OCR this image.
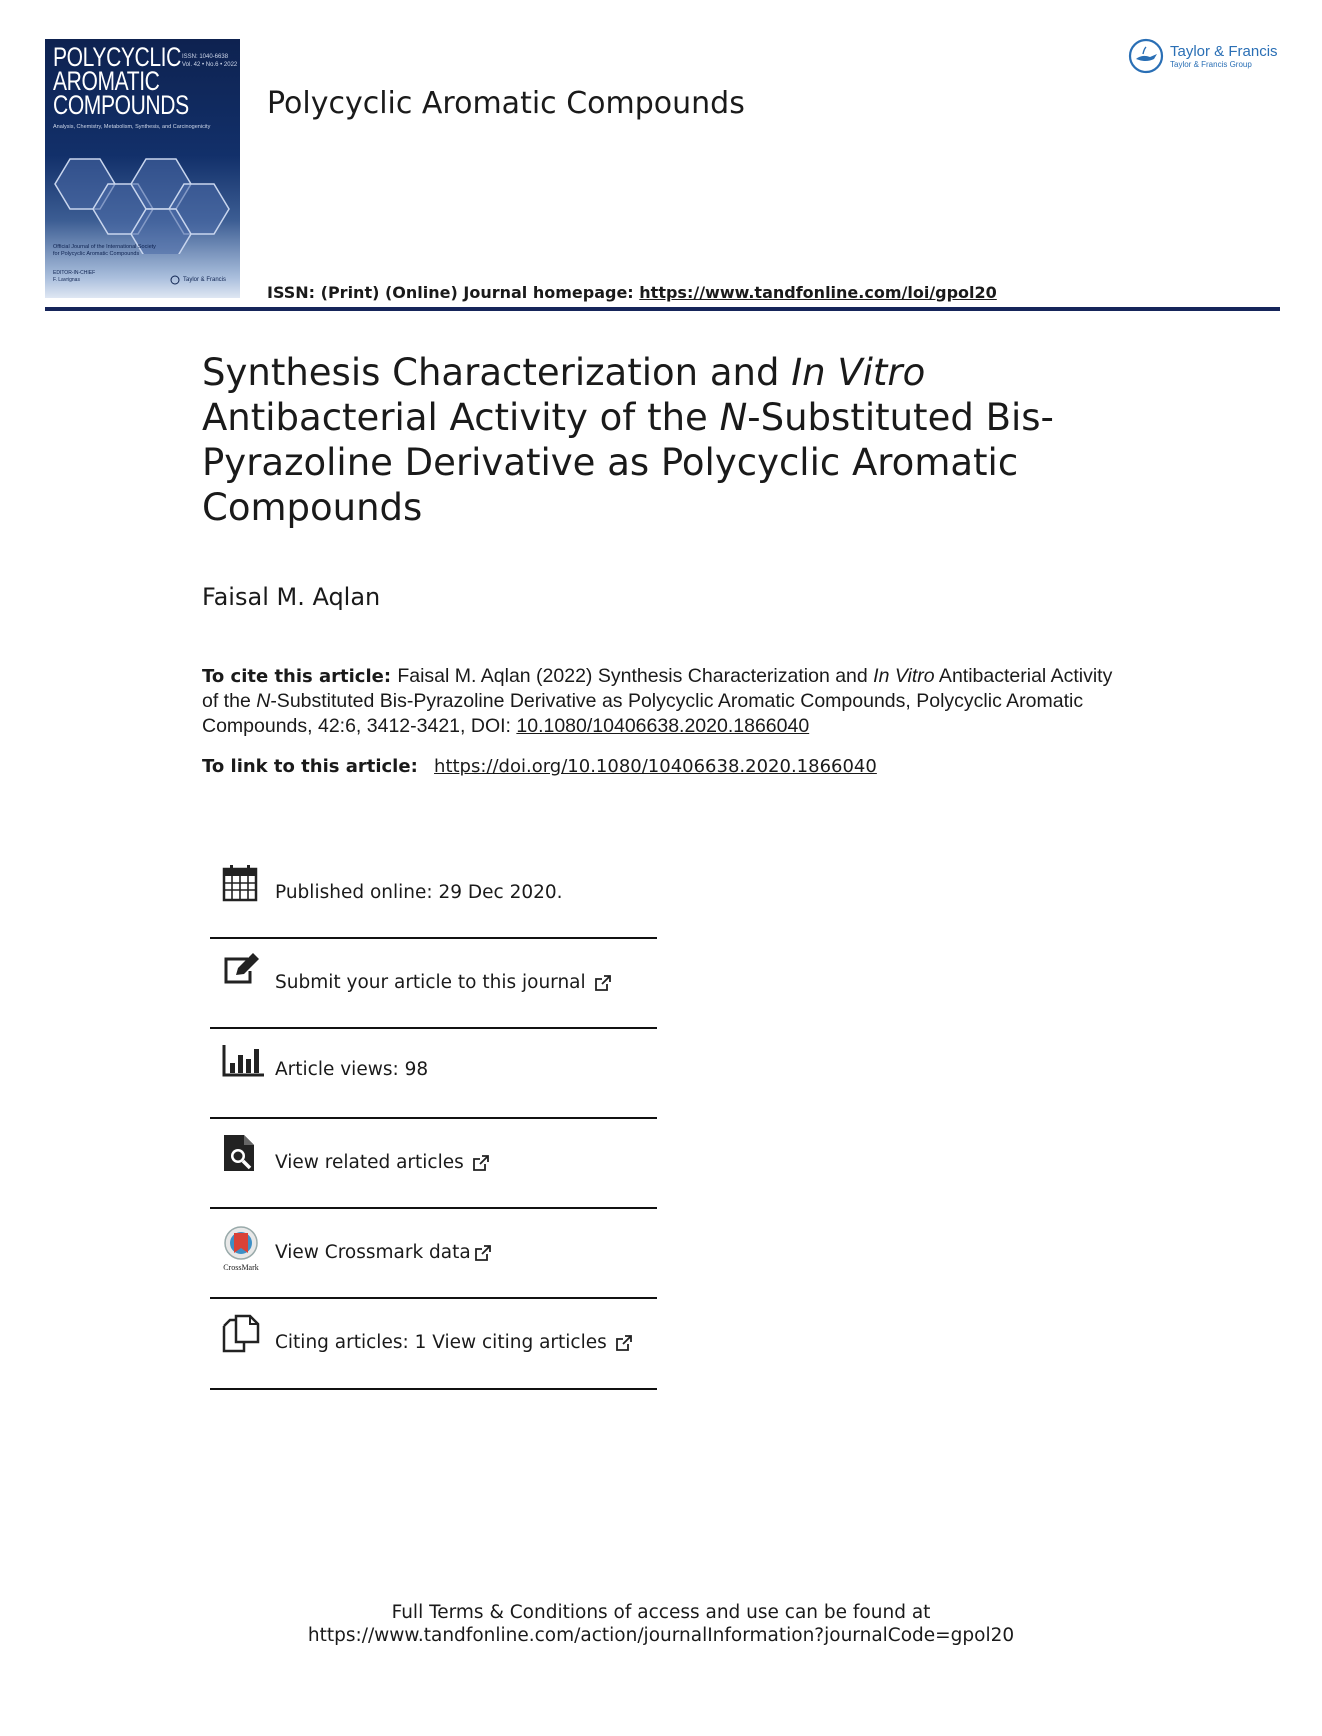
POLYCYCLIC
AROMATIC
COMPOUNDS
ISSN: 1040-6638
Vol. 42 • No.6 • 2022
Analysis, Chemistry, Metabolism, Synthesis, and Carcinogenicity
Official Journal of the International Society for Polycyclic Aromatic Compounds
EDITOR-IN-CHIEF
F. Lavrignas	Taylor & Francis
Polycyclic Aromatic Compounds
Taylor & Francis
Taylor & Francis Group
ISSN: (Print) (Online) Journal homepage: https://www.tandfonline.com/loi/gpol20
Synthesis Characterization and In Vitro Antibacterial Activity of the N-Substituted Bis-Pyrazoline Derivative as Polycyclic Aromatic Compounds
Faisal M. Aqlan
To cite this article: Faisal M. Aqlan (2022) Synthesis Characterization and In Vitro Antibacterial Activity of the N-Substituted Bis-Pyrazoline Derivative as Polycyclic Aromatic Compounds, Polycyclic Aromatic Compounds, 42:6, 3412-3421, DOI: 10.1080/10406638.2020.1866040
To link to this article: https://doi.org/10.1080/10406638.2020.1866040
Published online: 29 Dec 2020.
Submit your article to this journal
Article views: 98
View related articles
CrossMark
View Crossmark data
Citing articles: 1 View citing articles
Full Terms & Conditions of access and use can be found at
https://www.tandfonline.com/action/journalInformation?journalCode=gpol20
